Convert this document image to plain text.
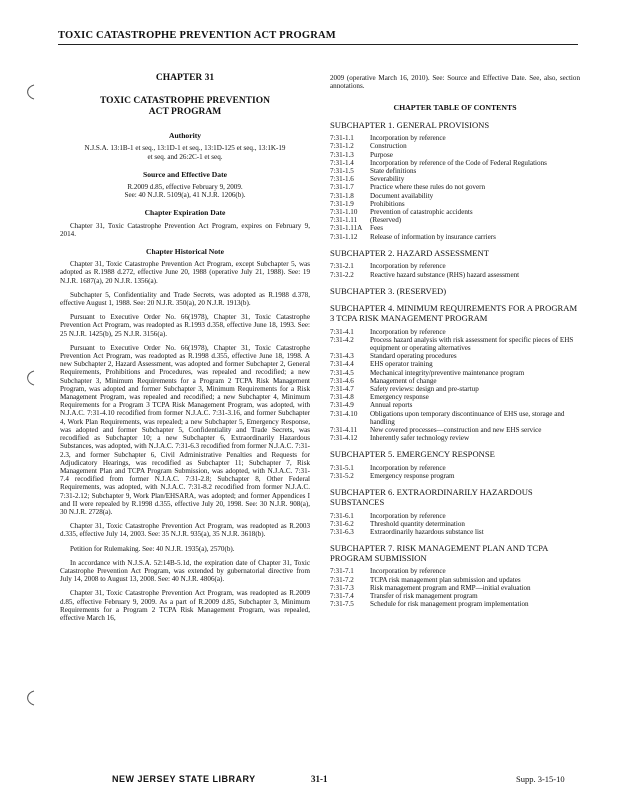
TOXIC CATASTROPHE PREVENTION ACT PROGRAM
CHAPTER 31
TOXIC CATASTROPHE PREVENTION
ACT PROGRAM
Authority
N.J.S.A. 13:1B-1 et seq., 13:1D-1 et seq., 13:1D-125 et seq., 13:1K-19 et seq. and 26:2C-1 et seq.
Source and Effective Date
R.2009 d.85, effective February 9, 2009.
See: 40 N.J.R. 5109(a), 41 N.J.R. 1206(b).
Chapter Expiration Date

Chapter 31, Toxic Catastrophe Prevention Act Program, expires on February 9, 2014.

Chapter Historical Note

Chapter 31, Toxic Catastrophe Prevention Act Program, except Subchapter 5, was adopted as R.1988 d.272, effective June 20, 1988 (operative July 21, 1988). See: 19 N.J.R. 1687(a), 20 N.J.R. 1356(a).

Subchapter 5, Confidentiality and Trade Secrets, was adopted as R.1988 d.378, effective August 1, 1988. See: 20 N.J.R. 350(a), 20 N.J.R. 1913(b).

Pursuant to Executive Order No. 66(1978), Chapter 31, Toxic Catastrophe Prevention Act Program, was readopted as R.1993 d.358, effective June 18, 1993. See: 25 N.J.R. 1425(b), 25 N.J.R. 3156(a).

Pursuant to Executive Order No. 66(1978), Chapter 31, Toxic Catastrophe Prevention Act Program, was readopted as R.1998 d.355, effective June 18, 1998. A new Subchapter 2, Hazard Assessment, was adopted and former Subchapter 2, General Requirements, Prohibitions and Procedures, was repealed and recodified; a new Subchapter 3, Minimum Requirements for a Program 2 TCPA Risk Management Program, was adopted and former Subchapter 3, Minimum Requirements for a Risk Management Program, was repealed and recodified; a new Subchapter 4, Minimum Requirements for a Program 3 TCPA Risk Management Program, was adopted, with N.J.A.C. 7:31-4.10 recodified from former N.J.A.C. 7:31-3.16, and former Subchapter 4, Work Plan Requirements, was repealed; a new Subchapter 5, Emergency Response, was adopted and former Subchapter 5, Confidentiality and Trade Secrets, was recodified as Subchapter 10; a new Subchapter 6, Extraordinarily Hazardous Substances, was adopted, with N.J.A.C. 7:31-6.3 recodified from former N.J.A.C. 7:31-2.3, and former Subchapter 6, Civil Administrative Penalties and Requests for Adjudicatory Hearings, was recodified as Subchapter 11; Subchapter 7, Risk Management Plan and TCPA Program Submission, was adopted, with N.J.A.C. 7:31-7.4 recodified from former N.J.A.C. 7:31-2.8; Subchapter 8, Other Federal Requirements, was adopted, with N.J.A.C. 7:31-8.2 recodified from former N.J.A.C. 7:31-2.12; Subchapter 9, Work Plan/EHSARA, was adopted; and former Appendices I and II were repealed by R.1998 d.355, effective July 20, 1998. See: 30 N.J.R. 908(a), 30 N.J.R. 2728(a).

Chapter 31, Toxic Catastrophe Prevention Act Program, was readopted as R.2003 d.335, effective July 14, 2003. See: 35 N.J.R. 935(a), 35 N.J.R. 3618(b).

Petition for Rulemaking. See: 40 N.J.R. 1935(a), 2570(b).

In accordance with N.J.S.A. 52:14B-5.1d, the expiration date of Chapter 31, Toxic Catastrophe Prevention Act Program, was extended by gubernatorial directive from July 14, 2008 to August 13, 2008. See: 40 N.J.R. 4806(a).

Chapter 31, Toxic Catastrophe Prevention Act Program, was readopted as R.2009 d.85, effective February 9, 2009. As a part of R.2009 d.85, Subchapter 3, Minimum Requirements for a Program 2 TCPA Risk Management Program, was repealed, effective March 16,

2009 (operative March 16, 2010). See: Source and Effective Date. See, also, section annotations.

CHAPTER TABLE OF CONTENTS
SUBCHAPTER 1. GENERAL PROVISIONS
7:31-1.1	Incorporation by reference
7:31-1.2	Construction
7:31-1.3	Purpose
7:31-1.4	Incorporation by reference of the Code of Federal Regulations
7:31-1.5	State definitions
7:31-1.6	Severability
7:31-1.7	Practice where these rules do not govern
7:31-1.8	Document availability
7:31-1.9	Prohibitions
7:31-1.10	Prevention of catastrophic accidents
7:31-1.11	(Reserved)
7:31-1.11A	Fees
7:31-1.12	Release of information by insurance carriers
SUBCHAPTER 2. HAZARD ASSESSMENT
7:31-2.1	Incorporation by reference
7:31-2.2	Reactive hazard substance (RHS) hazard assessment
SUBCHAPTER 3. (RESERVED)
SUBCHAPTER 4. MINIMUM REQUIREMENTS FOR A PROGRAM 3 TCPA RISK MANAGEMENT PROGRAM
7:31-4.1	Incorporation by reference
7:31-4.2	Process hazard analysis with risk assessment for specific pieces of EHS equipment or operating alternatives
7:31-4.3	Standard operating procedures
7:31-4.4	EHS operator training
7:31-4.5	Mechanical integrity/preventive maintenance program
7:31-4.6	Management of change
7:31-4.7	Safety reviews: design and pre-startup
7:31-4.8	Emergency response
7:31-4.9	Annual reports
7:31-4.10	Obligations upon temporary discontinuance of EHS use, storage and handling
7:31-4.11	New covered processes—construction and new EHS service
7:31-4.12	Inherently safer technology review
SUBCHAPTER 5. EMERGENCY RESPONSE
7:31-5.1	Incorporation by reference
7:31-5.2	Emergency response program
SUBCHAPTER 6. EXTRAORDINARILY HAZARDOUS SUBSTANCES
7:31-6.1	Incorporation by reference
7:31-6.2	Threshold quantity determination
7:31-6.3	Extraordinarily hazardous substance list
SUBCHAPTER 7. RISK MANAGEMENT PLAN AND TCPA PROGRAM SUBMISSION
7:31-7.1	Incorporation by reference
7:31-7.2	TCPA risk management plan submission and updates
7:31-7.3	Risk management program and RMP—initial evaluation
7:31-7.4	Transfer of risk management program
7:31-7.5	Schedule for risk management program implementation
NEW JERSEY STATE LIBRARY	31-1	Supp. 3-15-10
